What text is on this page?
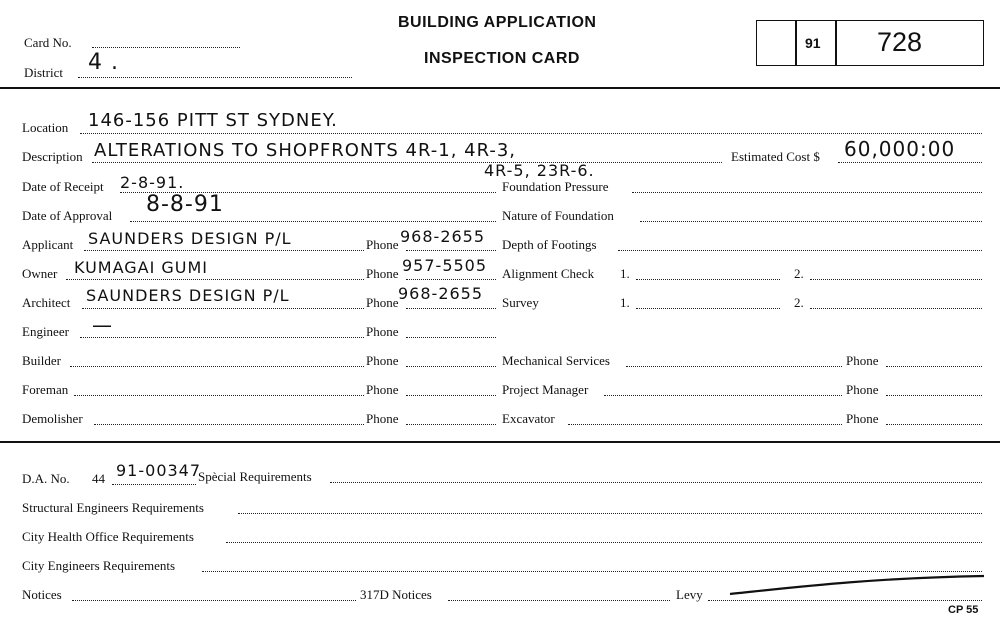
Card No.
District 4 .
BUILDING APPLICATION
INSPECTION CARD
91 728
Location 146-156 PITT ST SYDNEY.
Description ALTERATIONS TO SHOPFRONTS 4R-1, 4R-3,
4R-5, 23R-6.
Estimated Cost $ 60,000:00
Date of Receipt 2-8-91.
Date of Approval 8-8-91
Applicant SAUNDERS DESIGN P/L	Phone 968-2655
Owner KUMAGAI GUMI	Phone 957-5505
Architect SAUNDERS DESIGN P/L	Phone 968-2655
Engineer —	Phone
Builder	Phone
Foreman	Phone
Demolisher	Phone
Foundation Pressure
Nature of Foundation
Depth of Footings
Alignment Check 1.	2.
Survey	1.	2.
Mechanical Services	Phone
Project Manager	Phone
Excavator	Phone
D.A. No. 44 91-00347
Spècial Requirements
Structural Engineers Requirements
City Health Office Requirements
City Engineers Requirements
Notices	317D Notices	Levy
CP 55
